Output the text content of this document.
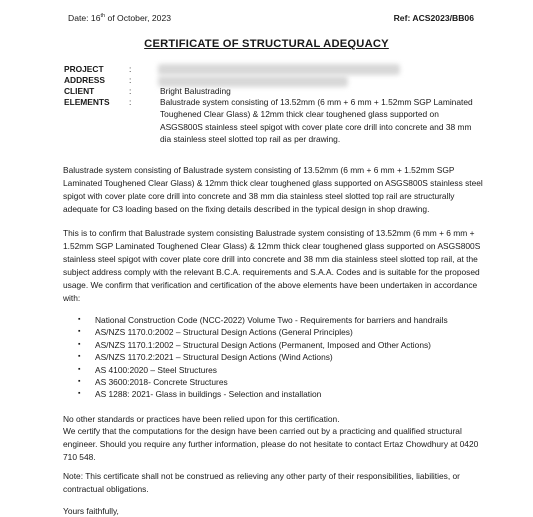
Date: 16th of October, 2023	Ref: ACS2023/BB06
CERTIFICATE OF STRUCTURAL ADEQUACY
PROJECT	:
ADDRESS	:
CLIENT	:	Bright Balustrading
ELEMENTS :	Balustrade system consisting of 13.52mm (6 mm + 6 mm + 1.52mm SGP Laminated
Toughened Clear Glass) & 12mm thick clear toughened glass supported on
ASGS800S stainless steel spigot with cover plate core drill into concrete and 38 mm
dia stainless steel slotted top rail as per drawing.
Balustrade system consisting of Balustrade system consisting of 13.52mm (6 mm + 6 mm + 1.52mm SGP Laminated Toughened Clear Glass) & 12mm thick clear toughened glass supported on ASGS800S stainless steel spigot with cover plate core drill into concrete and 38 mm dia stainless steel slotted top rail are structurally adequate for C3 loading based on the fixing details described in the typical design in shop drawing.
This is to confirm that Balustrade system consisting Balustrade system consisting of 13.52mm (6 mm + 6 mm + 1.52mm SGP Laminated Toughened Clear Glass) & 12mm thick clear toughened glass supported on ASGS800S stainless steel spigot with cover plate core drill into concrete and 38 mm dia stainless steel slotted top rail, at the subject address comply with the relevant B.C.A. requirements and S.A.A. Codes and is suitable for the proposed usage. We confirm that verification and certification of the above elements have been undertaken in accordance with:
▪ National Construction Code (NCC-2022) Volume Two - Requirements for barriers and handrails
▪ AS/NZS 1170.0:2002 – Structural Design Actions (General Principles)
▪ AS/NZS 1170.1:2002 – Structural Design Actions (Permanent, Imposed and Other Actions)
▪ AS/NZS 1170.2:2021 – Structural Design Actions (Wind Actions)
▪ AS 4100:2020 – Steel Structures
▪ AS 3600:2018- Concrete Structures
▪ AS 1288: 2021- Glass in buildings - Selection and installation
No other standards or practices have been relied upon for this certification.
We certify that the computations for the design have been carried out by a practicing and qualified structural engineer. Should you require any further information, please do not hesitate to contact Ertaz Chowdhury at 0420 710 548.
Note: This certificate shall not be construed as relieving any other party of their responsibilities, liabilities, or contractual obligations.
Yours faithfully,
